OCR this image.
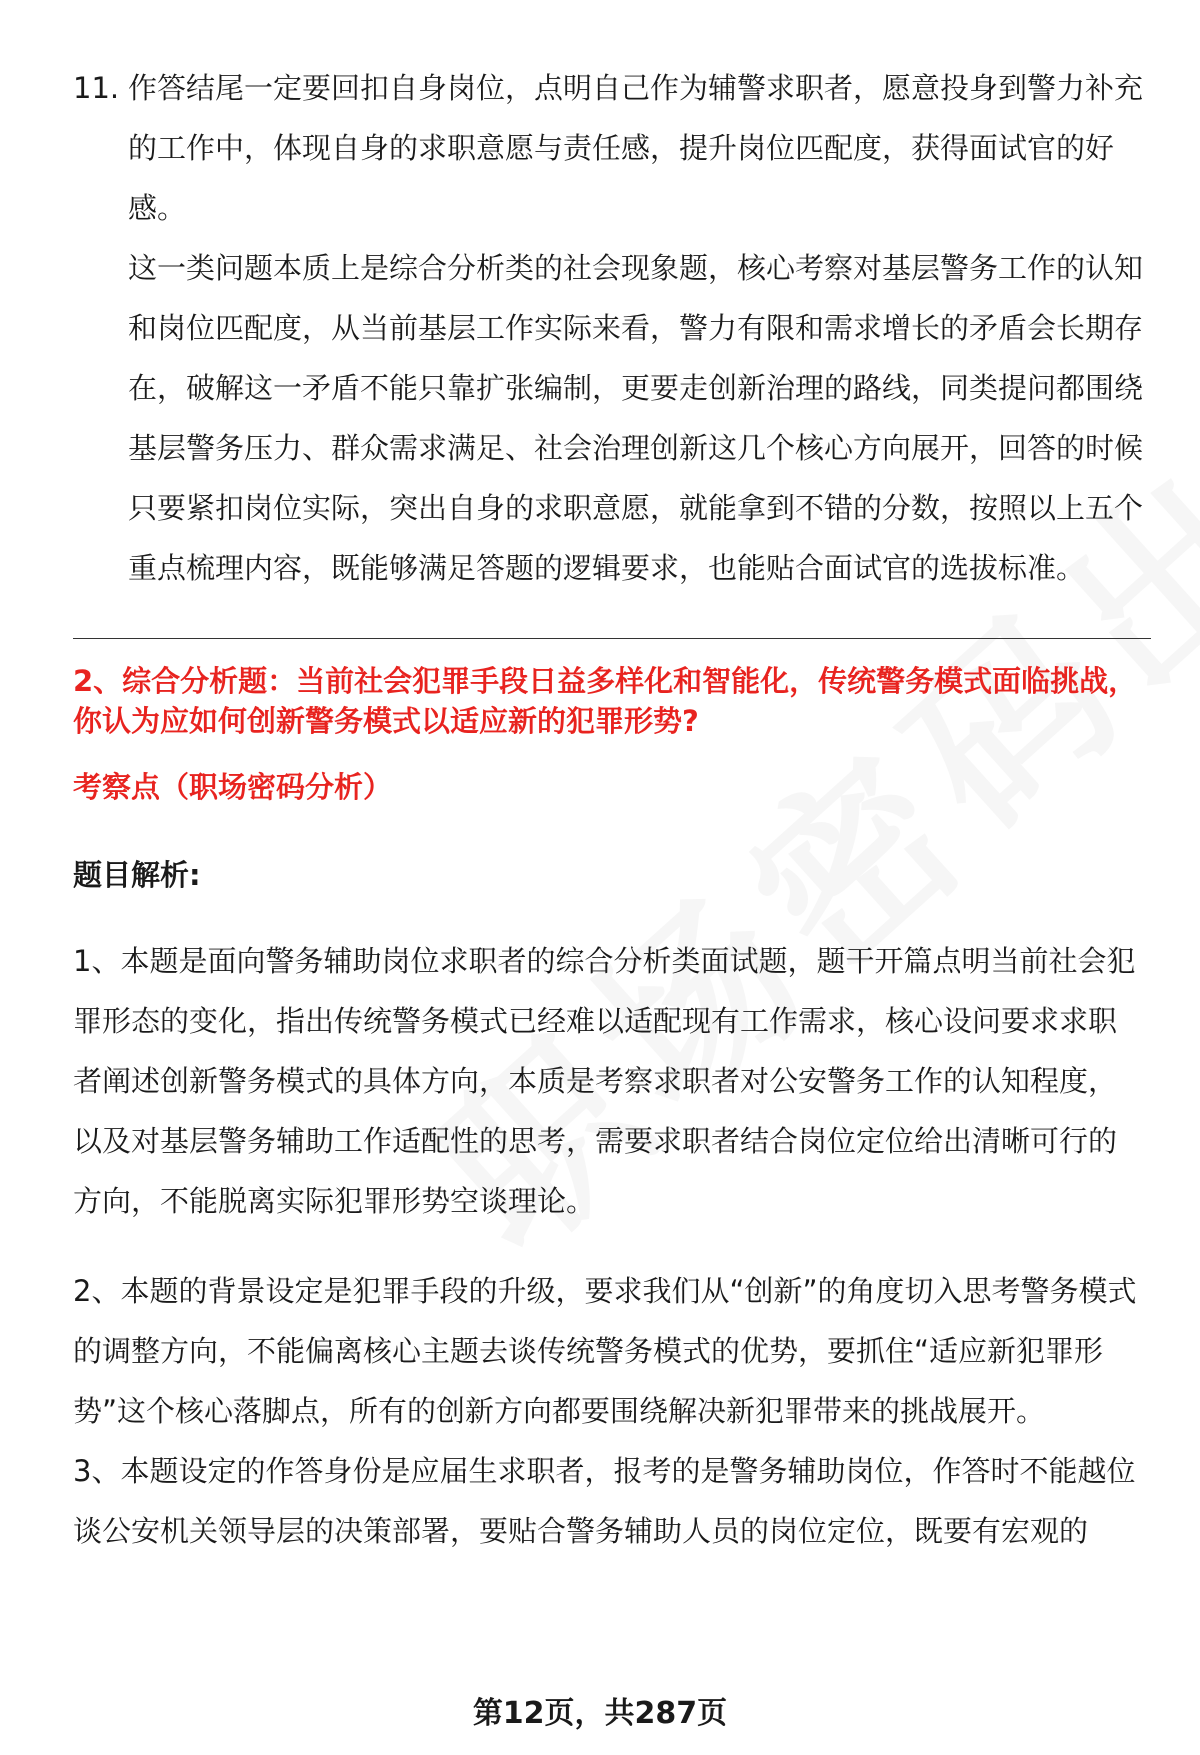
11. 作答结尾一定要回扣自身岗位，点明自己作为辅警求职者，愿意投身到警力补充的工作中，体现自身的求职意愿与责任感，提升岗位匹配度，获得面试官的好感。
这一类问题本质上是综合分析类的社会现象题，核心考察对基层警务工作的认知和岗位匹配度，从当前基层工作实际来看，警力有限和需求增长的矛盾会长期存在，破解这一矛盾不能只靠扩张编制，更要走创新治理的路线，同类提问都围绕基层警务压力、群众需求满足、社会治理创新这几个核心方向展开，回答的时候只要紧扣岗位实际，突出自身的求职意愿，就能拿到不错的分数，按照以上五个重点梳理内容，既能够满足答题的逻辑要求，也能贴合面试官的选拔标准。
2、综合分析题：当前社会犯罪手段日益多样化和智能化，传统警务模式面临挑战，你认为应如何创新警务模式以适应新的犯罪形势?
考察点（职场密码分析）
题目解析:
1、本题是面向警务辅助岗位求职者的综合分析类面试题，题干开篇点明当前社会犯罪形态的变化，指出传统警务模式已经难以适配现有工作需求，核心设问要求求职者阐述创新警务模式的具体方向，本质是考察求职者对公安警务工作的认知程度，以及对基层警务辅助工作适配性的思考，需要求职者结合岗位定位给出清晰可行的方向，不能脱离实际犯罪形势空谈理论。
2、本题的背景设定是犯罪手段的升级，要求我们从“创新”的角度切入思考警务模式的调整方向，不能偏离核心主题去谈传统警务模式的优势，要抓住“适应新犯罪形势”这个核心落脚点，所有的创新方向都要围绕解决新犯罪带来的挑战展开。
3、本题设定的作答身份是应届生求职者，报考的是警务辅助岗位，作答时不能越位谈公安机关领导层的决策部署，要贴合警务辅助人员的岗位定位，既要有宏观的
第12页，共287页
